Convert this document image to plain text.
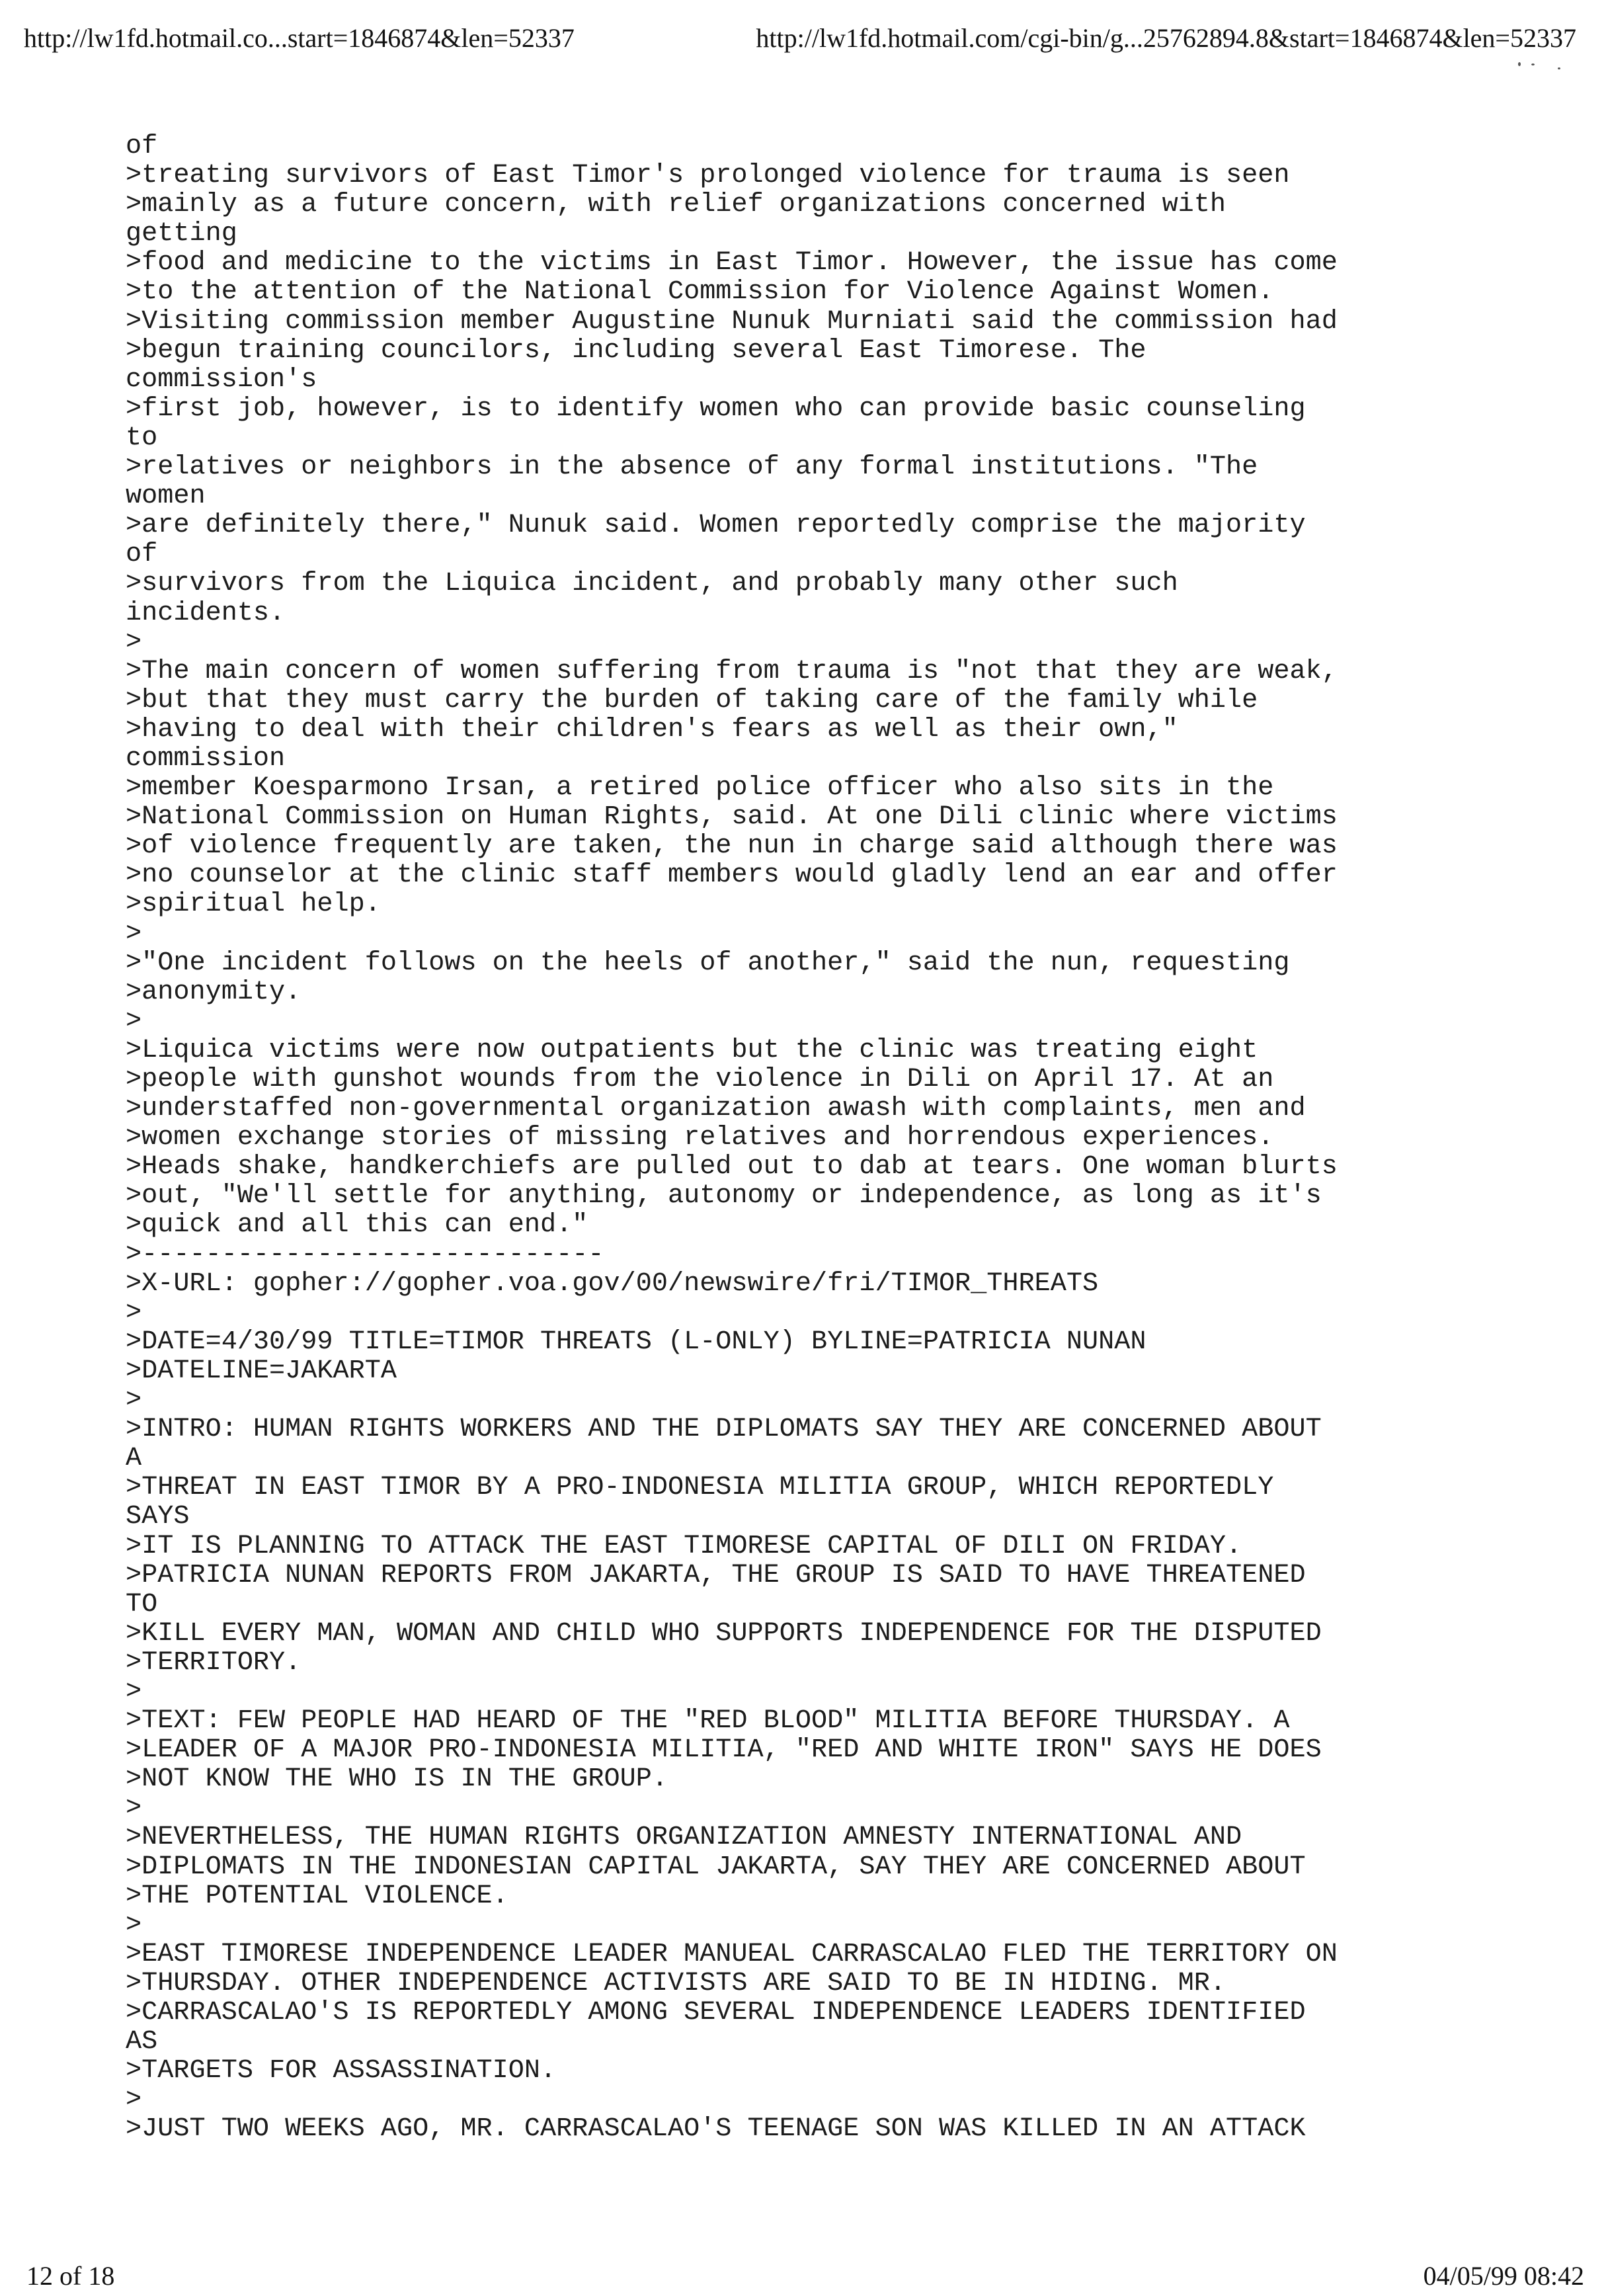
http://lw1fd.hotmail.co...start=1846874&len=52337	http://lw1fd.hotmail.com/cgi-bin/g...25762894.8&start=1846874&len=52337
of
>treating survivors of East Timor's prolonged violence for trauma is seen
>mainly as a future concern, with relief organizations concerned with
getting
>food and medicine to the victims in East Timor. However, the issue has come
>to the attention of the National Commission for Violence Against Women.
>Visiting commission member Augustine Nunuk Murniati said the commission had
>begun training councilors, including several East Timorese. The
commission's
>first job, however, is to identify women who can provide basic counseling
to
>relatives or neighbors in the absence of any formal institutions. "The
women
>are definitely there," Nunuk said. Women reportedly comprise the majority
of
>survivors from the Liquica incident, and probably many other such
incidents.
>
>The main concern of women suffering from trauma is "not that they are weak,
>but that they must carry the burden of taking care of the family while
>having to deal with their children's fears as well as their own,"
commission
>member Koesparmono Irsan, a retired police officer who also sits in the
>National Commission on Human Rights, said. At one Dili clinic where victims
>of violence frequently are taken, the nun in charge said although there was
>no counselor at the clinic staff members would gladly lend an ear and offer
>spiritual help.
>
>"One incident follows on the heels of another," said the nun, requesting
>anonymity.
>
>Liquica victims were now outpatients but the clinic was treating eight
>people with gunshot wounds from the violence in Dili on April 17. At an
>understaffed non-governmental organization awash with complaints, men and
>women exchange stories of missing relatives and horrendous experiences.
>Heads shake, handkerchiefs are pulled out to dab at tears. One woman blurts
>out, "We'll settle for anything, autonomy or independence, as long as it's
>quick and all this can end."
>-----------------------------
>X-URL: gopher://gopher.voa.gov/00/newswire/fri/TIMOR_THREATS
>
>DATE=4/30/99 TITLE=TIMOR THREATS (L-ONLY) BYLINE=PATRICIA NUNAN
>DATELINE=JAKARTA
>
>INTRO: HUMAN RIGHTS WORKERS AND THE DIPLOMATS SAY THEY ARE CONCERNED ABOUT
A
>THREAT IN EAST TIMOR BY A PRO-INDONESIA MILITIA GROUP, WHICH REPORTEDLY
SAYS
>IT IS PLANNING TO ATTACK THE EAST TIMORESE CAPITAL OF DILI ON FRIDAY.
>PATRICIA NUNAN REPORTS FROM JAKARTA, THE GROUP IS SAID TO HAVE THREATENED
TO
>KILL EVERY MAN, WOMAN AND CHILD WHO SUPPORTS INDEPENDENCE FOR THE DISPUTED
>TERRITORY.
>
>TEXT: FEW PEOPLE HAD HEARD OF THE "RED BLOOD" MILITIA BEFORE THURSDAY. A
>LEADER OF A MAJOR PRO-INDONESIA MILITIA, "RED AND WHITE IRON" SAYS HE DOES
>NOT KNOW THE WHO IS IN THE GROUP.
>
>NEVERTHELESS, THE HUMAN RIGHTS ORGANIZATION AMNESTY INTERNATIONAL AND
>DIPLOMATS IN THE INDONESIAN CAPITAL JAKARTA, SAY THEY ARE CONCERNED ABOUT
>THE POTENTIAL VIOLENCE.
>
>EAST TIMORESE INDEPENDENCE LEADER MANUEAL CARRASCALAO FLED THE TERRITORY ON
>THURSDAY. OTHER INDEPENDENCE ACTIVISTS ARE SAID TO BE IN HIDING. MR.
>CARRASCALAO'S IS REPORTEDLY AMONG SEVERAL INDEPENDENCE LEADERS IDENTIFIED
AS
>TARGETS FOR ASSASSINATION.
>
>JUST TWO WEEKS AGO, MR. CARRASCALAO'S TEENAGE SON WAS KILLED IN AN ATTACK
12 of 18	04/05/99 08:42
